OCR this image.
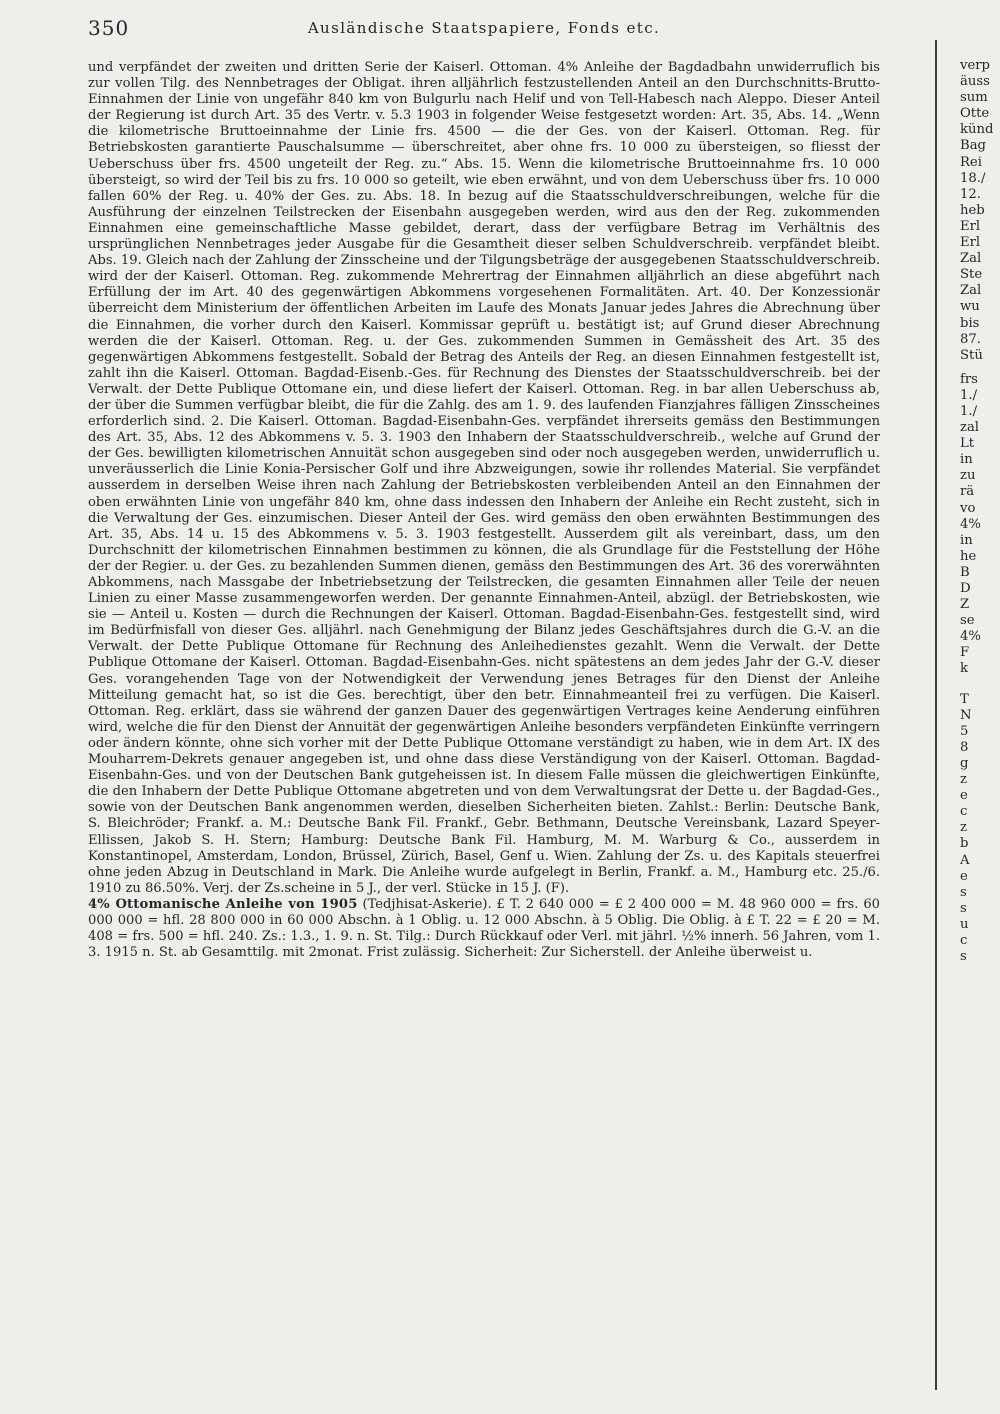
350	Ausländische Staatspapiere, Fonds etc.

und verpfändet der zweiten und dritten Serie der Kaiserl. Ottoman. 4% Anleihe der Bagdadbahn unwiderruflich bis zur vollen Tilg. des Nennbetrages der Obligat. ihren alljährlich festzustellenden Anteil an den Durchschnitts-Brutto-Einnahmen der Linie von ungefähr 840 km von Bulgurlu nach Helif und von Tell-Habesch nach Aleppo. Dieser Anteil der Regierung ist durch Art. 35 des Vertr. v. 5.3 1903 in folgender Weise festgesetzt worden: Art. 35, Abs. 14. „Wenn die kilometrische Bruttoeinnahme der Linie frs. 4500 — die der Ges. von der Kaiserl. Ottoman. Reg. für Betriebskosten garantierte Pauschalsumme — überschreitet, aber ohne frs. 10 000 zu übersteigen, so fliesst der Ueberschuss über frs. 4500 ungeteilt der Reg. zu.“ Abs. 15. Wenn die kilometrische Bruttoeinnahme frs. 10 000 übersteigt, so wird der Teil bis zu frs. 10 000 so geteilt, wie eben erwähnt, und von dem Ueberschuss über frs. 10 000 fallen 60% der Reg. u. 40% der Ges. zu. Abs. 18. In bezug auf die Staatsschuldverschreibungen, welche für die Ausführung der einzelnen Teilstrecken der Eisenbahn ausgegeben werden, wird aus den der Reg. zukommenden Einnahmen eine gemeinschaftliche Masse gebildet, derart, dass der verfügbare Betrag im Verhältnis des ursprünglichen Nennbetrages jeder Ausgabe für die Gesamtheit dieser selben Schuldverschreib. verpfändet bleibt. Abs. 19. Gleich nach der Zahlung der Zinsscheine und der Tilgungsbeträge der ausgegebenen Staatsschuldverschreib. wird der der Kaiserl. Ottoman. Reg. zukommende Mehrertrag der Einnahmen alljährlich an diese abgeführt nach Erfüllung der im Art. 40 des gegenwärtigen Abkommens vorgesehenen Formalitäten. Art. 40. Der Konzessionär überreicht dem Ministerium der öffentlichen Arbeiten im Laufe des Monats Januar jedes Jahres die Abrechnung über die Einnahmen, die vorher durch den Kaiserl. Kommissar geprüft u. bestätigt ist; auf Grund dieser Abrechnung werden die der Kaiserl. Ottoman. Reg. u. der Ges. zukommenden Summen in Gemässheit des Art. 35 des gegenwärtigen Abkommens festgestellt. Sobald der Betrag des Anteils der Reg. an diesen Einnahmen festgestellt ist, zahlt ihn die Kaiserl. Ottoman. Bagdad-Eisenb.-Ges. für Rechnung des Dienstes der Staatsschuldverschreib. bei der Verwalt. der Dette Publique Ottomane ein, und diese liefert der Kaiserl. Ottoman. Reg. in bar allen Ueberschuss ab, der über die Summen verfügbar bleibt, die für die Zahlg. des am 1. 9. des laufenden Fianzjahres fälligen Zinsscheines erforderlich sind. 2. Die Kaiserl. Ottoman. Bagdad-Eisenbahn-Ges. verpfändet ihrerseits gemäss den Bestimmungen des Art. 35, Abs. 12 des Abkommens v. 5. 3. 1903 den Inhabern der Staatsschuldverschreib., welche auf Grund der der Ges. bewilligten kilometrischen Annuität schon ausgegeben sind oder noch ausgegeben werden, unwiderruflich u. unveräusserlich die Linie Konia-Persischer Golf und ihre Abzweigungen, sowie ihr rollendes Material. Sie verpfändet ausserdem in derselben Weise ihren nach Zahlung der Betriebskosten verbleibenden Anteil an den Einnahmen der oben erwähnten Linie von ungefähr 840 km, ohne dass indessen den Inhabern der Anleihe ein Recht zusteht, sich in die Verwaltung der Ges. einzumischen. Dieser Anteil der Ges. wird gemäss den oben erwähnten Bestimmungen des Art. 35, Abs. 14 u. 15 des Abkommens v. 5. 3. 1903 festgestellt. Ausserdem gilt als vereinbart, dass, um den Durchschnitt der kilometrischen Einnahmen bestimmen zu können, die als Grundlage für die Feststellung der Höhe der der Regier. u. der Ges. zu bezahlenden Summen dienen, gemäss den Bestimmungen des Art. 36 des vorerwähnten Abkommens, nach Massgabe der Inbetriebsetzung der Teilstrecken, die gesamten Einnahmen aller Teile der neuen Linien zu einer Masse zusammengeworfen werden. Der genannte Einnahmen-Anteil, abzügl. der Betriebskosten, wie sie — Anteil u. Kosten — durch die Rechnungen der Kaiserl. Ottoman. Bagdad-Eisenbahn-Ges. festgestellt sind, wird im Bedürfnisfall von dieser Ges. alljährl. nach Genehmigung der Bilanz jedes Geschäftsjahres durch die G.-V. an die Verwalt. der Dette Publique Ottomane für Rechnung des Anleihedienstes gezahlt. Wenn die Verwalt. der Dette Publique Ottomane der Kaiserl. Ottoman. Bagdad-Eisenbahn-Ges. nicht spätestens an dem jedes Jahr der G.-V. dieser Ges. vorangehenden Tage von der Notwendigkeit der Verwendung jenes Betrages für den Dienst der Anleihe Mitteilung gemacht hat, so ist die Ges. berechtigt, über den betr. Einnahmeanteil frei zu verfügen. Die Kaiserl. Ottoman. Reg. erklärt, dass sie während der ganzen Dauer des gegenwärtigen Vertrages keine Aenderung einführen wird, welche die für den Dienst der Annuität der gegenwärtigen Anleihe besonders verpfändeten Einkünfte verringern oder ändern könnte, ohne sich vorher mit der Dette Publique Ottomane verständigt zu haben, wie in dem Art. IX des Mouharrem-Dekrets genauer angegeben ist, und ohne dass diese Verständigung von der Kaiserl. Ottoman. Bagdad-Eisenbahn-Ges. und von der Deutschen Bank gutgeheissen ist. In diesem Falle müssen die gleichwertigen Einkünfte, die den Inhabern der Dette Publique Ottomane abgetreten und von dem Verwaltungsrat der Dette u. der Bagdad-Ges., sowie von der Deutschen Bank angenommen werden, dieselben Sicherheiten bieten. Zahlst.: Berlin: Deutsche Bank, S. Bleichröder; Frankf. a. M.: Deutsche Bank Fil. Frankf., Gebr. Bethmann, Deutsche Vereinsbank, Lazard Speyer-Ellissen, Jakob S. H. Stern; Hamburg: Deutsche Bank Fil. Hamburg, M. M. Warburg & Co., ausserdem in Konstantinopel, Amsterdam, London, Brüssel, Zürich, Basel, Genf u. Wien. Zahlung der Zs. u. des Kapitals steuerfrei ohne jeden Abzug in Deutschland in Mark. Die Anleihe wurde aufgelegt in Berlin, Frankf. a. M., Hamburg etc. 25./6. 1910 zu 86.50%. Verj. der Zs.scheine in 5 J., der verl. Stücke in 15 J. (F).

4% Ottomanische Anleihe von 1905 (Tedjhisat-Askerie). £ T. 2 640 000 = £ 2 400 000 = M. 48 960 000 = frs. 60 000 000 = hfl. 28 800 000 in 60 000 Abschn. à 1 Oblig. u. 12 000 Abschn. à 5 Oblig. Die Oblig. à £ T. 22 = £ 20 = M. 408 = frs. 500 = hfl. 240. Zs.: 1.3., 1. 9. n. St. Tilg.: Durch Rückkauf oder Verl. mit jährl. ½% innerh. 56 Jahren, vom 1. 3. 1915 n. St. ab Gesamttilg. mit 2monat. Frist zulässig. Sicherheit: Zur Sicherstell. der Anleihe überweist u.

verp
äuss
sum
Otte
künd
Bag
Rei
18./
12.
heb
Erl
Erl
Zal
Ste
Zal
wu
bis
87.
Stü
frs
1./
1./
zal
Lt
in
zu
rä
vo
4%
in
he
B
D
Z
se
4%
F
k
T
N
5
8
g
z
e
c
z
b
A
e
s
s
u
c
s
